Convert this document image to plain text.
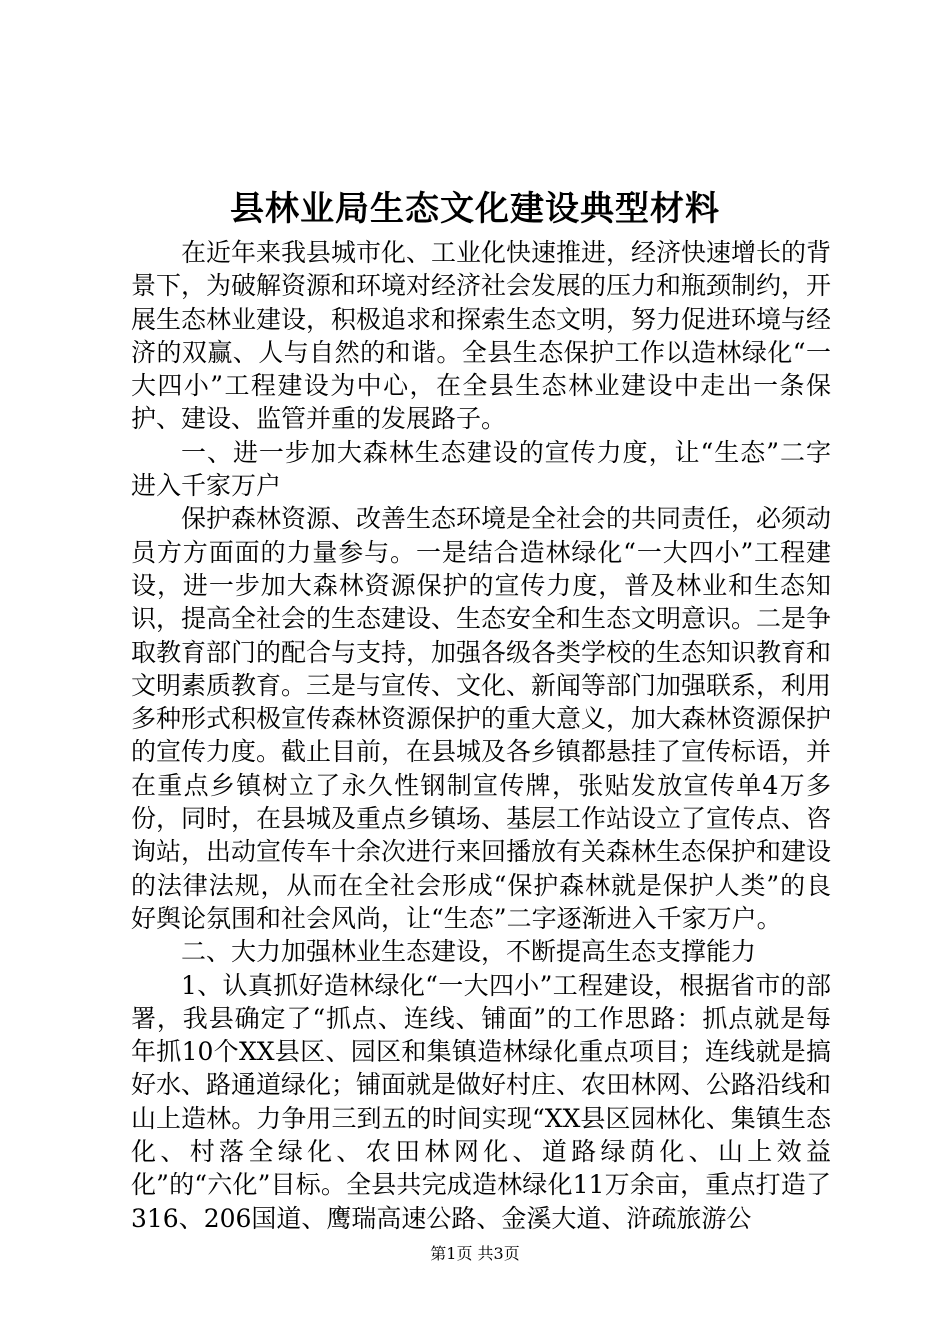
县林业局生态文化建设典型材料

在近年来我县城市化、工业化快速推进，经济快速增长的背景下，为破解资源和环境对经济社会发展的压力和瓶颈制约，开展生态林业建设，积极追求和探索生态文明，努力促进环境与经济的双赢、人与自然的和谐。全县生态保护工作以造林绿化“一大四小”工程建设为中心，在全县生态林业建设中走出一条保护、建设、监管并重的发展路子。

一、进一步加大森林生态建设的宣传力度，让“生态”二字进入千家万户

保护森林资源、改善生态环境是全社会的共同责任，必须动员方方面面的力量参与。一是结合造林绿化“一大四小”工程建设，进一步加大森林资源保护的宣传力度，普及林业和生态知识，提高全社会的生态建设、生态安全和生态文明意识。二是争取教育部门的配合与支持，加强各级各类学校的生态知识教育和文明素质教育。三是与宣传、文化、新闻等部门加强联系，利用多种形式积极宣传森林资源保护的重大意义，加大森林资源保护的宣传力度。截止目前，在县城及各乡镇都悬挂了宣传标语，并在重点乡镇树立了永久性钢制宣传牌，张贴发放宣传单4万多份，同时，在县城及重点乡镇场、基层工作站设立了宣传点、咨询站，出动宣传车十余次进行来回播放有关森林生态保护和建设的法律法规，从而在全社会形成“保护森林就是保护人类”的良好舆论氛围和社会风尚，让“生态”二字逐渐进入千家万户。

二、大力加强林业生态建设，不断提高生态支撑能力

1、认真抓好造林绿化“一大四小”工程建设，根据省市的部署，我县确定了“抓点、连线、铺面”的工作思路：抓点就是每年抓10个XX县区、园区和集镇造林绿化重点项目；连线就是搞好水、路通道绿化；铺面就是做好村庄、农田林网、公路沿线和山上造林。力争用三到五的时间实现“XX县区园林化、集镇生态化、村落全绿化、农田林网化、道路绿荫化、山上效益化”的“六化”目标。全县共完成造林绿化11万余亩，重点打造了316、206国道、鹰瑞高速公路、金溪大道、浒疏旅游公

第1页 共3页
